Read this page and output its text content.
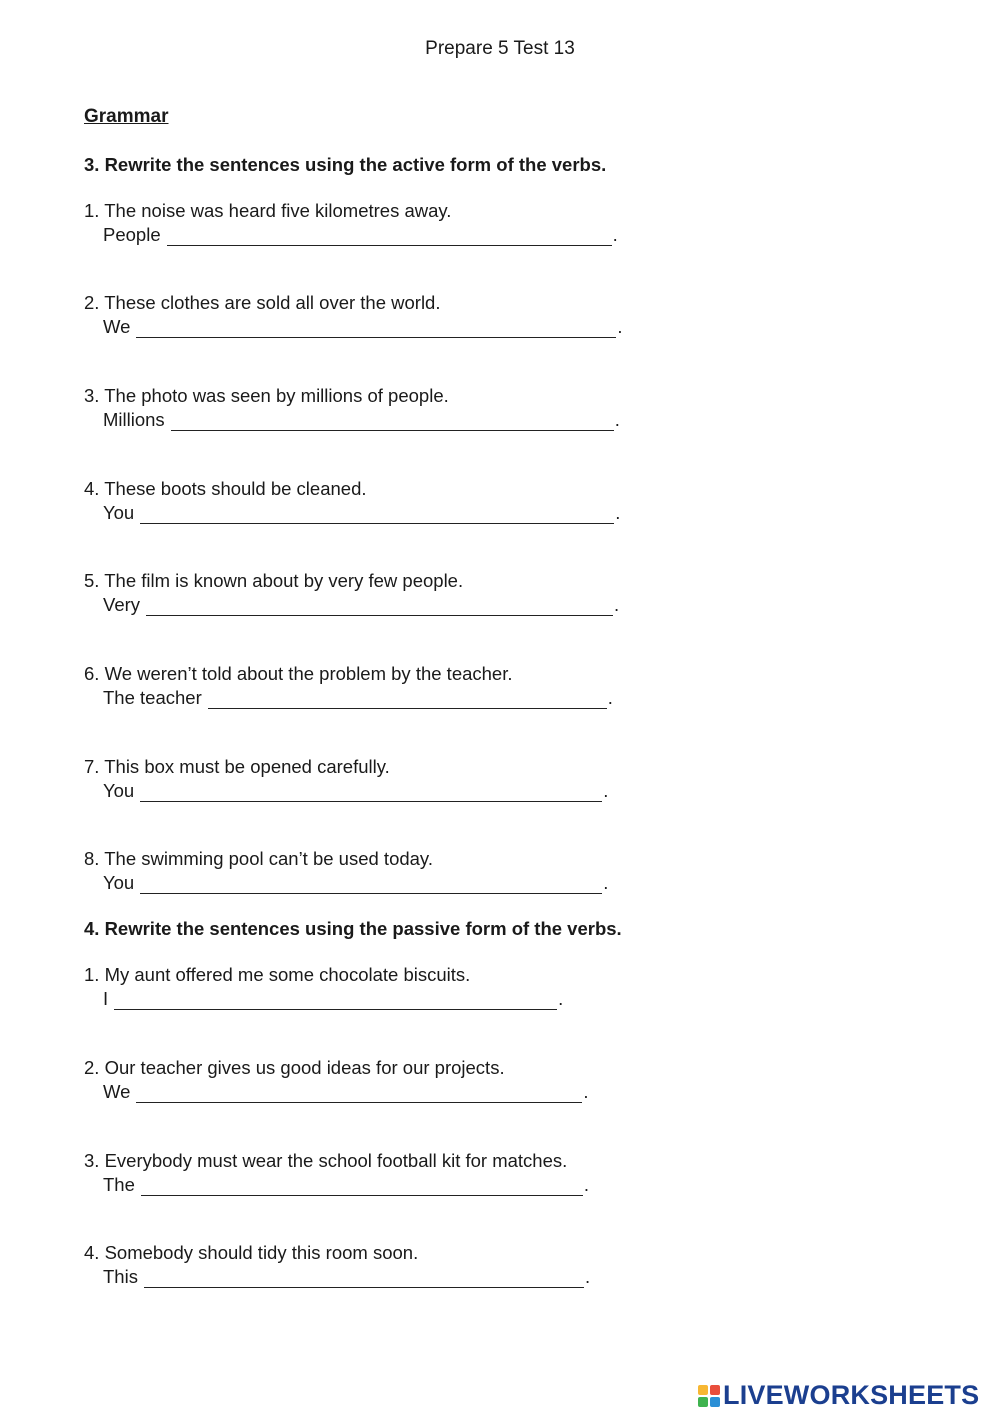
Prepare 5 Test 13
Grammar
3. Rewrite the sentences using the active form of the verbs.
1. The noise was heard five kilometres away.
People	.
2. These clothes are sold all over the world.
We	.
3. The photo was seen by millions of people.
Millions	.
4. These boots should be cleaned.
You	.
5. The film is known about by very few people.
Very	.
6. We weren’t told about the problem by the teacher.
The teacher	.
7. This box must be opened carefully.
You	.
8. The swimming pool can’t be used today.
You	.
4. Rewrite the sentences using the passive form of the verbs.
1. My aunt offered me some chocolate biscuits.
I	.
2. Our teacher gives us good ideas for our projects.
We	.
3. Everybody must wear the school football kit for matches.
The	.
4. Somebody should tidy this room soon.
This	.
LIVEWORKSHEETS
